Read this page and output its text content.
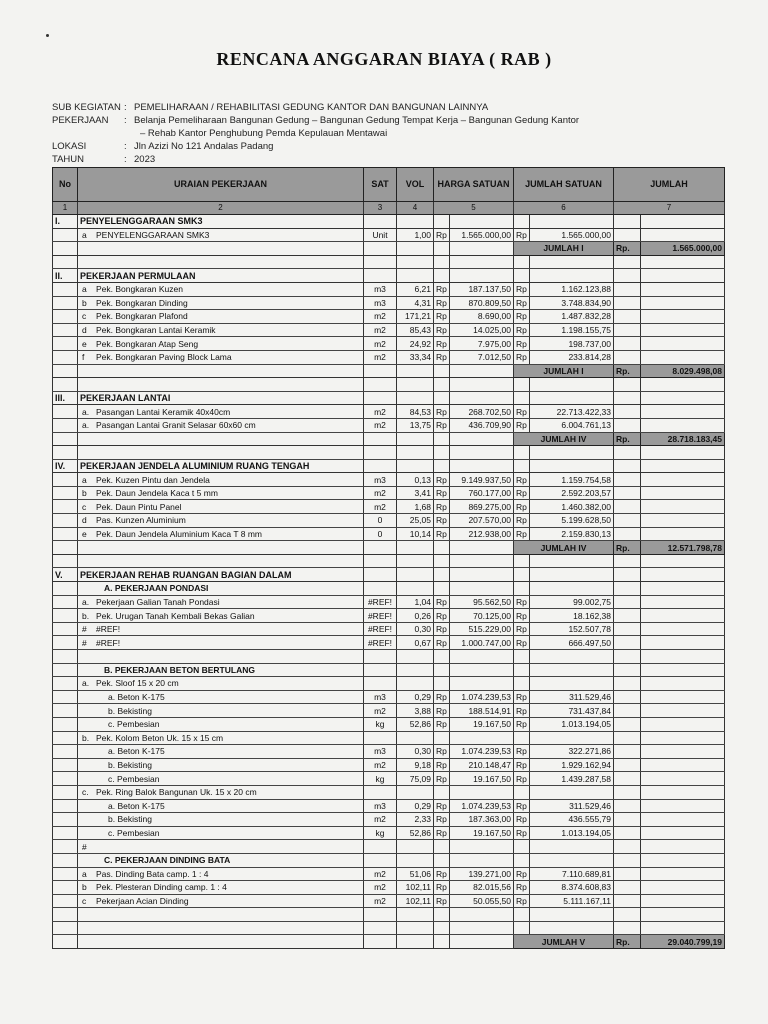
RENCANA ANGGARAN BIAYA ( RAB )
SUB KEGIATAN : PEMELIHARAAN / REHABILITASI GEDUNG KANTOR DAN BANGUNAN LAINNYA
PEKERJAAN	: Belanja Pemeliharaan Bangunan Gedung – Bangunan Gedung Tempat Kerja – Bangunan Gedung Kantor
– Rehab Kantor Penghubung Pemda Kepulauan Mentawai
LOKASI	: Jln Azizi No 121 Andalas Padang
TAHUN	: 2023
No	URAIAN PEKERJAAN	SAT	VOL	HARGA SATUAN		JUMLAH SATUAN		JUMLAH	
1	2	3	4	5		6		7	
I.	PENYELENGGARAAN SMK3								
	a PENYELENGGARAAN SMK3	Unit	1,00	Rp	1.565.000,00	Rp	1.565.000,00		
						JUMLAH I		Rp.	1.565.000,00

II.	PEKERJAAN PERMULAAN								
	a Pek. Bongkaran Kuzen	m3	6,21	Rp	187.137,50	Rp	1.162.123,88		
	b Pek. Bongkaran Dinding	m3	4,31	Rp	870.809,50	Rp	3.748.834,90		
	c Pek. Bongkaran Plafond	m2	171,21	Rp	8.690,00	Rp	1.487.832,28		
	d Pek. Bongkaran Lantai Keramik	m2	85,43	Rp	14.025,00	Rp	1.198.155,75		
	e Pek. Bongkaran Atap Seng	m2	24,92	Rp	7.975,00	Rp	198.737,00		
	f Pek. Bongkaran Paving Block Lama	m2	33,34	Rp	7.012,50	Rp	233.814,28		
						JUMLAH I		Rp.	8.029.498,08

III.	PEKERJAAN LANTAI								
	a. Pasangan Lantai Keramik 40x40cm	m2	84,53	Rp	268.702,50	Rp	22.713.422,33		
	a. Pasangan Lantai Granit Selasar 60x60 cm	m2	13,75	Rp	436.709,90	Rp	6.004.761,13		
						JUMLAH IV		Rp.	28.718.183,45

IV.	PEKERJAAN JENDELA ALUMINIUM RUANG TENGAH								
	a Pek. Kuzen Pintu dan Jendela	m3	0,13	Rp	9.149.937,50	Rp	1.159.754,58		
	b Pek. Daun Jendela Kaca t 5 mm	m2	3,41	Rp	760.177,00	Rp	2.592.203,57		
	c Pek. Daun Pintu Panel	m2	1,68	Rp	869.275,00	Rp	1.460.382,00		
	d Pas. Kunzen Aluminium	0	25,05	Rp	207.570,00	Rp	5.199.628,50		
	e Pek. Daun Jendela Aluminium Kaca T 8 mm	0	10,14	Rp	212.938,00	Rp	2.159.830,13		
						JUMLAH IV		Rp.	12.571.798,78

V.	PEKERJAAN REHAB RUANGAN BAGIAN DALAM								
	A. PEKERJAAN PONDASI								
	a. Pekerjaan Galian Tanah Pondasi	#REF!	1,04	Rp	95.562,50	Rp	99.002,75		
	b. Pek. Urugan Tanah Kembali Bekas Galian	#REF!	0,26	Rp	70.125,00	Rp	18.162,38		
	# #REF!	#REF!	0,30	Rp	515.229,00	Rp	152.507,78		
	# #REF!	#REF!	0,67	Rp	1.000.747,00	Rp	666.497,50		

	B. PEKERJAAN BETON BERTULANG								
	a. Pek. Sloof 15 x 20 cm								
	a. Beton K-175	m3	0,29	Rp	1.074.239,53	Rp	311.529,46		
	b. Bekisting	m2	3,88	Rp	188.514,91	Rp	731.437,84		
	c. Pembesian	kg	52,86	Rp	19.167,50	Rp	1.013.194,05		
	b. Pek. Kolom Beton Uk. 15 x 15 cm								
	a. Beton K-175	m3	0,30	Rp	1.074.239,53	Rp	322.271,86		
	b. Bekisting	m2	9,18	Rp	210.148,47	Rp	1.929.162,94		
	c. Pembesian	kg	75,09	Rp	19.167,50	Rp	1.439.287,58		
	c. Pek. Ring Balok Bangunan Uk. 15 x 20 cm								
	a. Beton K-175	m3	0,29	Rp	1.074.239,53	Rp	311.529,46		
	b. Bekisting	m2	2,33	Rp	187.363,00	Rp	436.555,79		
	c. Pembesian	kg	52,86	Rp	19.167,50	Rp	1.013.194,05		
	#								
	C. PEKERJAAN DINDING BATA								
	a Pas. Dinding Bata camp. 1 : 4	m2	51,06	Rp	139.271,00	Rp	7.110.689,81		
	b Pek. Plesteran Dinding camp. 1 : 4	m2	102,11	Rp	82.015,56	Rp	8.374.608,83		
	c Pekerjaan Acian Dinding	m2	102,11	Rp	50.055,50	Rp	5.111.167,11		

						JUMLAH V		Rp.	29.040.799,19
